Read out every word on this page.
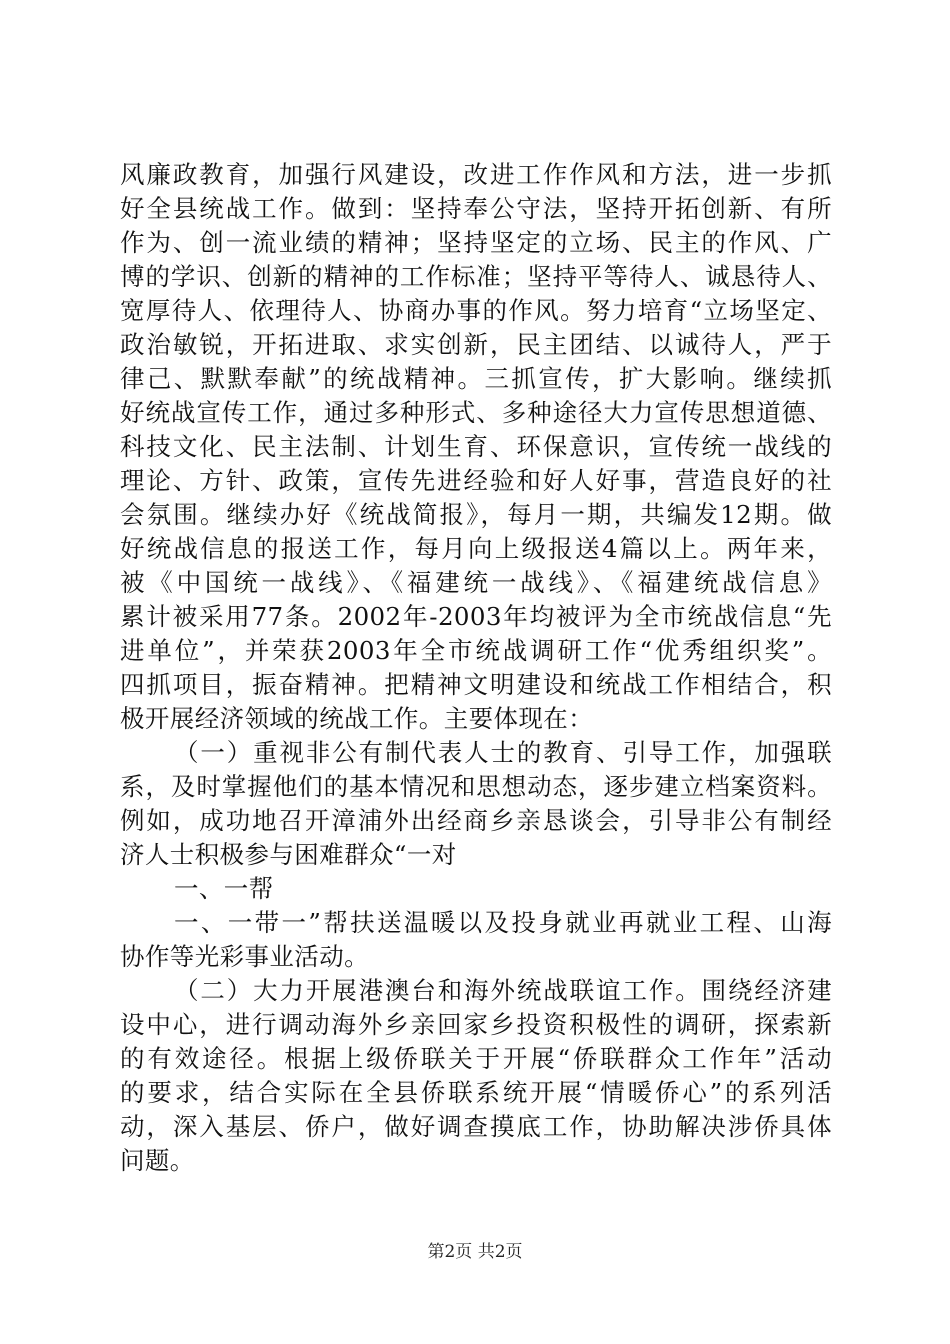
风廉政教育，加强行风建设，改进工作作风和方法，进一步抓
好全县统战工作。做到：坚持奉公守法，坚持开拓创新、有所
作为、创一流业绩的精神；坚持坚定的立场、民主的作风、广
博的学识、创新的精神的工作标准；坚持平等待人、诚恳待人、
宽厚待人、依理待人、协商办事的作风。努力培育“立场坚定、
政治敏锐，开拓进取、求实创新，民主团结、以诚待人，严于
律己、默默奉献”的统战精神。三抓宣传，扩大影响。继续抓
好统战宣传工作，通过多种形式、多种途径大力宣传思想道德、
科技文化、民主法制、计划生育、环保意识，宣传统一战线的
理论、方针、政策，宣传先进经验和好人好事，营造良好的社
会氛围。继续办好《统战简报》，每月一期，共编发12期。做
好统战信息的报送工作，每月向上级报送4篇以上。两年来，
被《中国统一战线》、《福建统一战线》、《福建统战信息》
累计被采用77条。2002年-2003年均被评为全市统战信息“先
进单位”，并荣获2003年全市统战调研工作“优秀组织奖”。
四抓项目，振奋精神。把精神文明建设和统战工作相结合，积
极开展经济领域的统战工作。主要体现在：
（一）重视非公有制代表人士的教育、引导工作，加强联
系，及时掌握他们的基本情况和思想动态，逐步建立档案资料。
例如，成功地召开漳浦外出经商乡亲恳谈会，引导非公有制经
济人士积极参与困难群众“一对
一、一帮
一、一带一”帮扶送温暖以及投身就业再就业工程、山海
协作等光彩事业活动。
（二）大力开展港澳台和海外统战联谊工作。围绕经济建
设中心，进行调动海外乡亲回家乡投资积极性的调研，探索新
的有效途径。根据上级侨联关于开展“侨联群众工作年”活动
的要求，结合实际在全县侨联系统开展“情暖侨心”的系列活
动，深入基层、侨户，做好调查摸底工作，协助解决涉侨具体
问题。
第2页 共2页
